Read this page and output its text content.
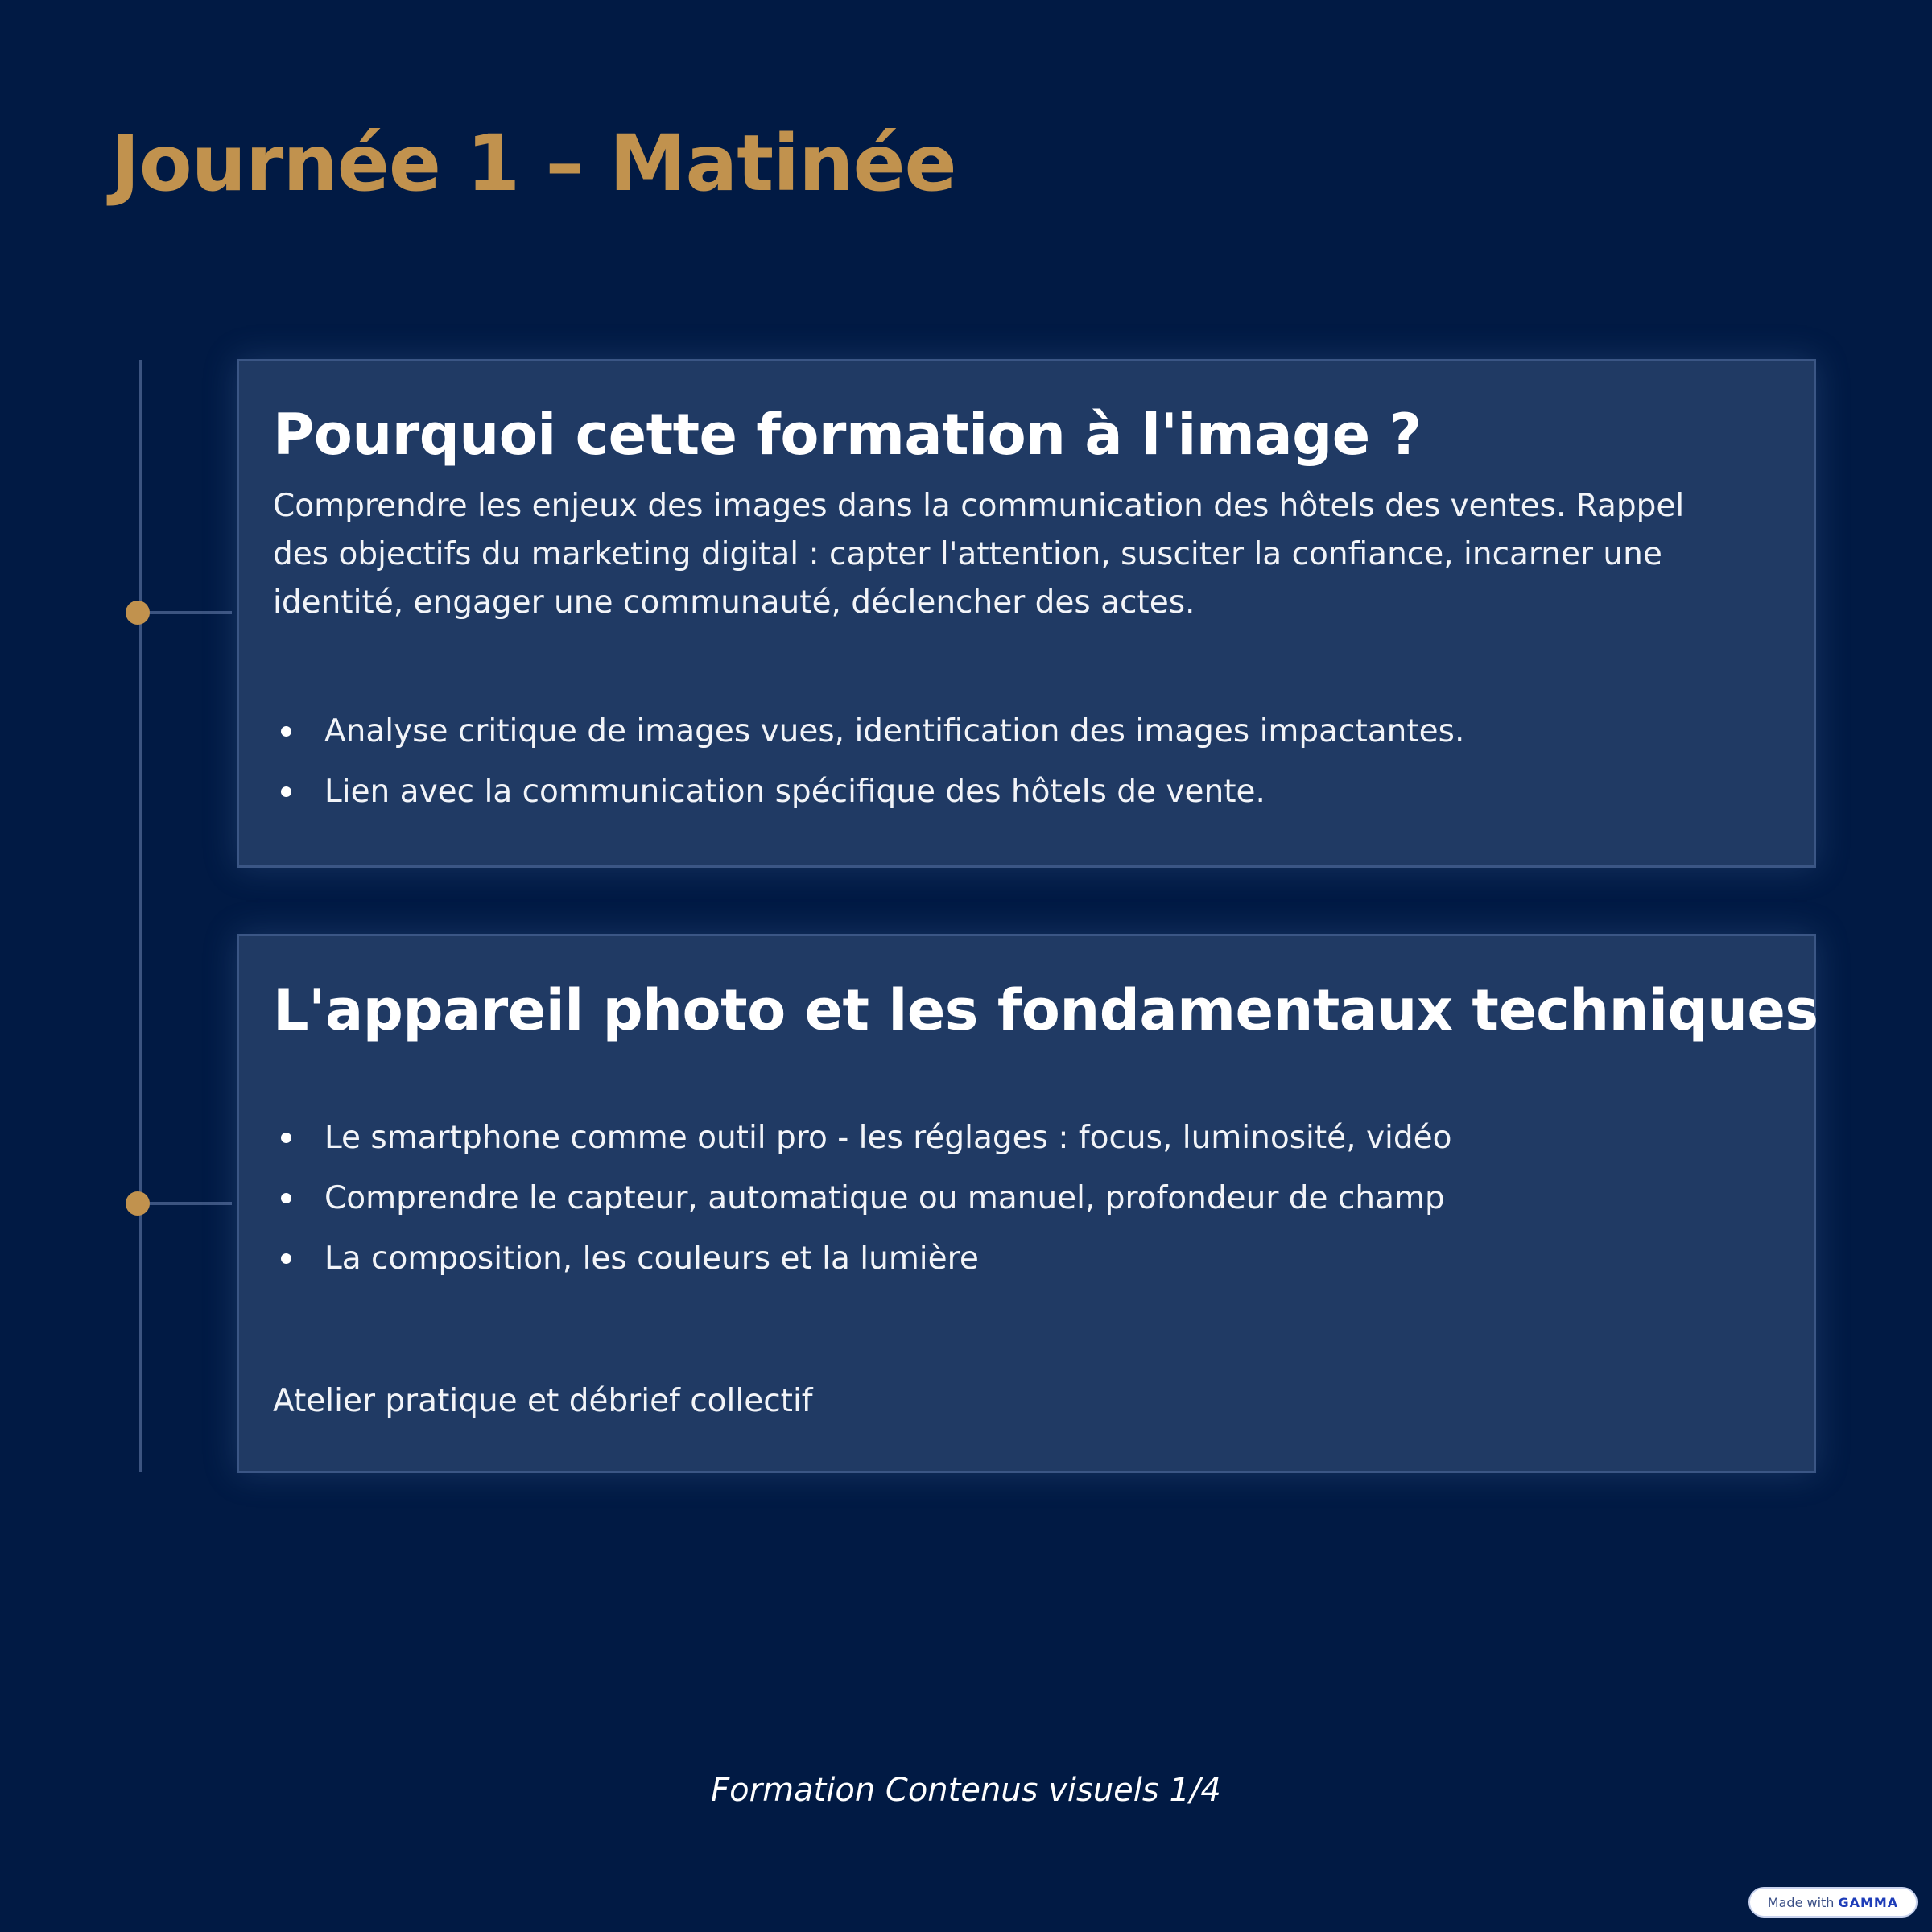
Journée 1 – Matinée
Pourquoi cette formation à l'image ?

Comprendre les enjeux des images dans la communication des hôtels des ventes. Rappel des objectifs du marketing digital : capter l'attention, susciter la confiance, incarner une identité, engager une communauté, déclencher des actes.

Analyse critique de images vues, identification des images impactantes.
Lien avec la communication spécifique des hôtels de vente.
L'appareil photo et les fondamentaux techniques
Le smartphone comme outil pro - les réglages : focus, luminosité, vidéo
Comprendre le capteur, automatique ou manuel, profondeur de champ
La composition, les couleurs et la lumière

Atelier pratique et débrief collectif

Formation Contenus visuels 1/4
Made with GAMMA
